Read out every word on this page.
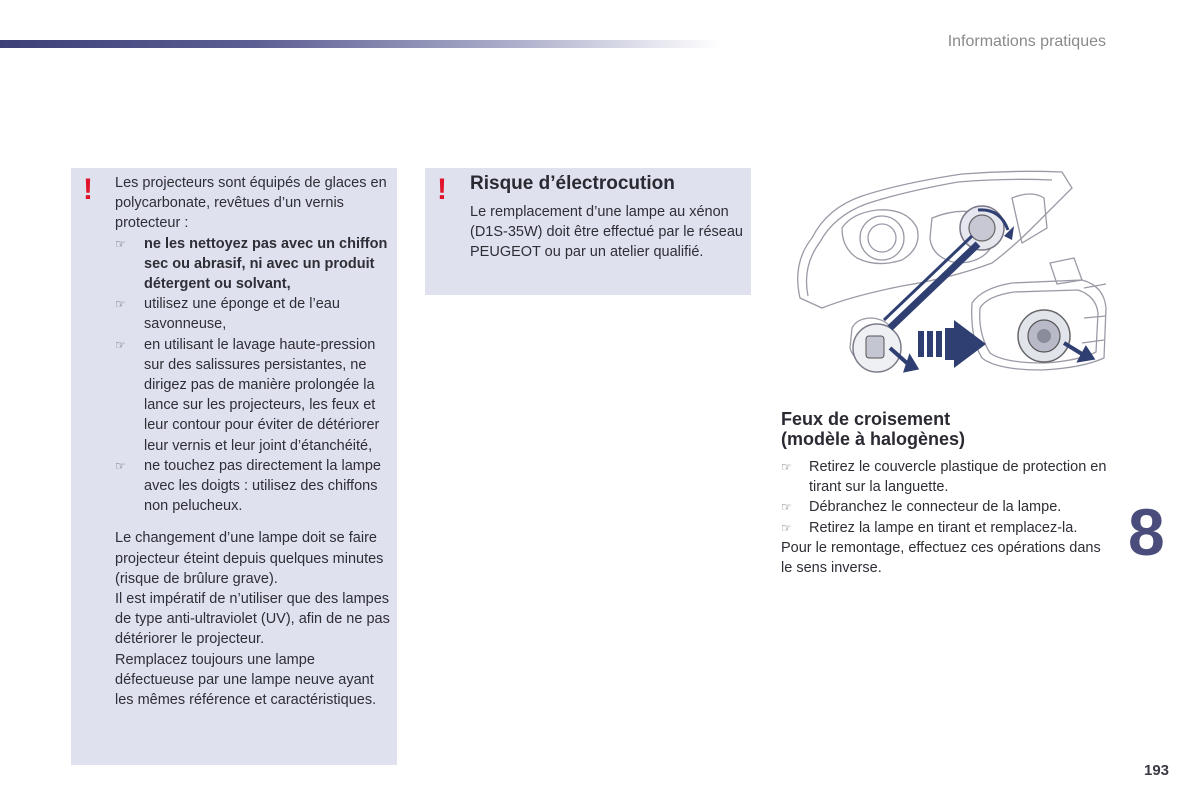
Informations pratiques
! Les projecteurs sont équipés de glaces en polycarbonate, revêtues d’un vernis protecteur :

☞ ne les nettoyez pas avec un chiffon sec ou abrasif, ni avec un produit détergent ou solvant,
☞ utilisez une éponge et de l’eau savonneuse,
☞ en utilisant le lavage haute-pression sur des salissures persistantes, ne dirigez pas de manière prolongée la lance sur les projecteurs, les feux et leur contour pour éviter de détériorer leur vernis et leur joint d’étanchéité,
☞ ne touchez pas directement la lampe avec les doigts : utilisez des chiffons non pelucheux.

Le changement d’une lampe doit se faire projecteur éteint depuis quelques minutes (risque de brûlure grave).

Il est impératif de n’utiliser que des lampes de type anti-ultraviolet (UV), afin de ne pas détériorer le projecteur.

Remplacez toujours une lampe défectueuse par une lampe neuve ayant les mêmes référence et caractéristiques.

! Risque d’électrocution
Le remplacement d’une lampe au xénon (D1S-35W) doit être effectué par le réseau PEUGEOT ou par un atelier qualifié.
Feux de croisement
(modèle à halogènes)
☞ Retirez le couvercle plastique de protection en tirant sur la languette.
☞ Débranchez le connecteur de la lampe.
☞ Retirez la lampe en tirant et remplacez-la.
Pour le remontage, effectuez ces opérations dans le sens inverse.	8
193
